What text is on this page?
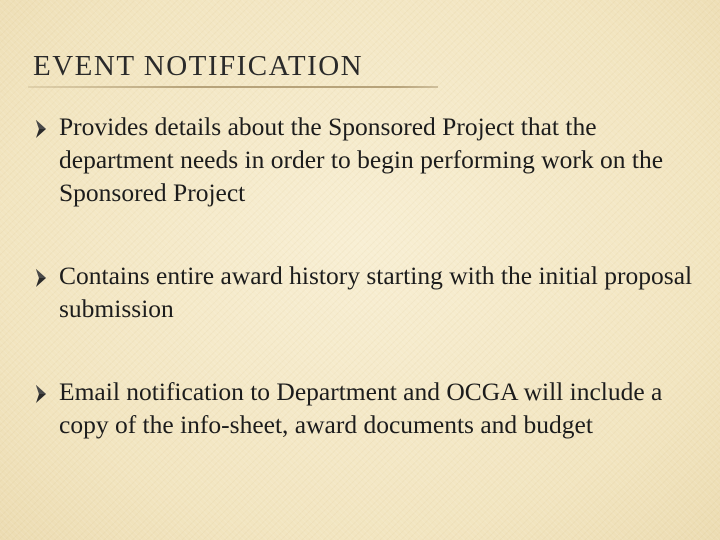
EVENT NOTIFICATION
Provides details about the Sponsored Project that the department needs in order to begin performing work on the Sponsored Project
Contains entire award history starting with the initial proposal submission
Email notification to Department and OCGA will include a copy of the info-sheet, award documents and budget
